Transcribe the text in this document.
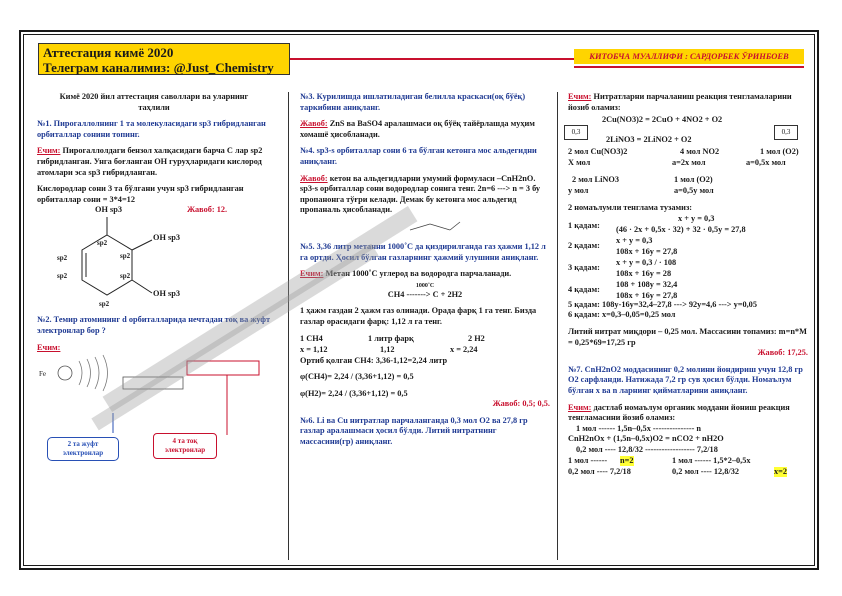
Аттестация кимё 2020
Телеграм каналимиз: @Just_Chemistry
КИТОБЧА МУАЛЛИФИ : САРДОРБЕК ЎРИНБОЕВ

Кимё 2020 йил аттестация саволлари ва уларнинг таҳлили

№1. Пирогаллолнинг 1 та молекуласидаги sp3 гибридланган орбиталлар сонини топинг.

Ечим: Пирогаллолдаги бензол халқасидаги барча С лар sp2 гибридланган. Унга боғланган ОН гуруҳларидаги кислород атомлари эса sp3 гибридланган.

Кислородлар сони 3 та бўлгани учун sp3 гибридланган орбиталлар сони = 3*4=12

OH sp3
OH sp3
OH sp3
sp2
sp2
sp2
sp2	sp2
sp2
Жавоб: 12.

№2. Темир атомининг d орбиталларида нечтадан тоқ ва жуфт электронлар бор ?

Ечим:

Fe
2 та жуфт электронлар
4 та тоқ электронлар

№3. Курилишда ишлатиладиган белилла краскаси(оқ бўёқ) таркибини аниқланг.

Жавоб: ZnS ва BaSO4 аралашмаси оқ бўёқ тайёрлашда муҳим хомашё ҳисобланади.

№4. sp3-s орбиталлар сони 6 та бўлган кетонга мос альдегидни аниқланг.

Жавоб: кетон ва альдегидларни умумий формуласи –CnH2nO. sp3-s орбиталлар сони водородлар сонига тенг. 2n=6 ---> n = 3 бу пропанонга тўғри келади. Демак бу кетонга мос альдегид пропаналь ҳисобланади.

№5. 3,36 литр метанни 1000˚С да қиздирилганда газ ҳажми 1,12 л га ортди. Ҳосил бўлган газларнинг ҳажмий улушини аниқланг.

Ечим: Метан 1000˚С углерод ва водородга парчаланади.

1000˚С

CH4 -------> C + 2H2

1 ҳажм газдан 2 ҳажм газ олинади. Орада фарқ 1 га тенг. Бизда газлар орасидаги фарқ: 1,12 л га тенг.

1 CH4	1 литр фарқ	2 H2
x = 1,12	1,12	x = 2,24

Ортиб қолган CH4: 3,36-1,12=2,24 литр

φ(CH4)= 2,24 / (3,36+1,12) = 0,5

φ(H2)= 2,24 / (3,36+1,12) = 0,5

Жавоб: 0,5; 0,5.

№6. Li ва Cu нитратлар парчаланганда 0,3 мол О2 ва 27,8 гр газлар аралашмаси ҳосил бўлди. Литий нитратнинг массасини(гр) аниқланг.

Ечим: Нитратларни парчаланиш реакция тенгламаларини йозиб оламиз:

2Cu(NO3)2 = 2CuO + 4NO2 + O2
2LiNO3 = 2LiNO2 + O2
0,3	0,3
2 мол Cu(NO3)2	4 мол NO2	1 мол (O2)
X мол	a=2x мол	a=0,5x мол
2 мол LiNO3	1 мол (O2)
у мол	a=0,5y мол

2 номаълумли тенглама тузамиз:

1 қадам:
x + y = 0,3
(46 · 2x + 0,5x · 32) + 32 · 0,5y = 27,8
2 қадам:
x + y = 0,3
108x + 16y = 27,8
3 қадам:
x + y = 0,3 / · 108
108x + 16y = 28
4 қадам:
108 + 108y = 32,4
108x + 16y = 27,8

5 қадам: 108y-16y=32,4–27,8 ---> 92y=4,6 ---> y=0,05

6 қадам: x=0,3–0,05=0,25 мол

Литий нитрат миқдори – 0,25 мол. Массасини топамиз: m=n*M = 0,25*69=17,25 гр

Жавоб: 17,25.

№7. CnH2nO2 моддасининг 0,2 молини йондириш учун 12,8 гр O2 сарфланди. Натижада 7,2 гр сув ҳосил бўлди. Номаълум бўлган x ва n ларнинг қийматларини аниқланг.

Ечим: дастлаб номаълум органик моддани йониш реакция тенгламасини йозиб оламиз:

1 мол ------ 1,5n–0,5x --------------- n

CnH2nOx + (1,5n–0,5x)O2 = nCO2 + nH2O

0,2 мол ---- 12,8/32 ------------------ 7,2/18

1 мол ------ n=2	1 мол ------ 1,5*2–0,5x
0,2 мол ---- 7,2/18	0,2 мол ---- 12,8/32	x=2
